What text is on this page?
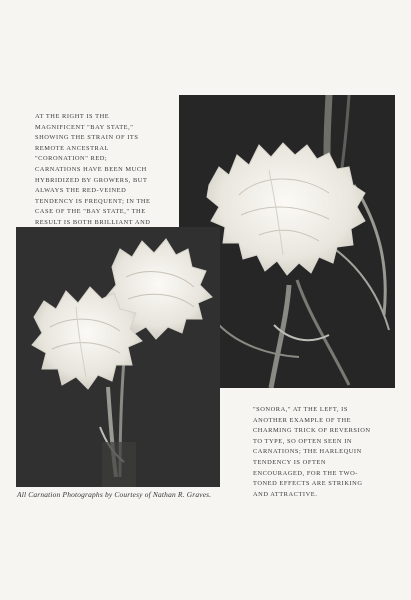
AT THE RIGHT IS THE MAGNIFICENT "BAY STATE," SHOWING THE STRAIN OF ITS REMOTE ANCESTRAL "CORONATION" RED; CARNATIONS HAVE BEEN MUCH HYBRIDIZED BY GROWERS, BUT ALWAYS THE RED-VEINED TENDENCY IS FREQUENT; IN THE CASE OF THE "BAY STATE," THE RESULT IS BOTH BRILLIANT AND

"SONORA," AT THE LEFT, IS ANOTHER EXAMPLE OF THE CHARMING TRICK OF REVERSION TO TYPE, SO OFTEN SEEN IN CARNATIONS; THE HARLEQUIN TENDENCY IS OFTEN ENCOURAGED, FOR THE TWO-TONED EFFECTS ARE STRIKING AND ATTRACTIVE.

All Carnation Photographs by Courtesy of Nathan R. Graves.
